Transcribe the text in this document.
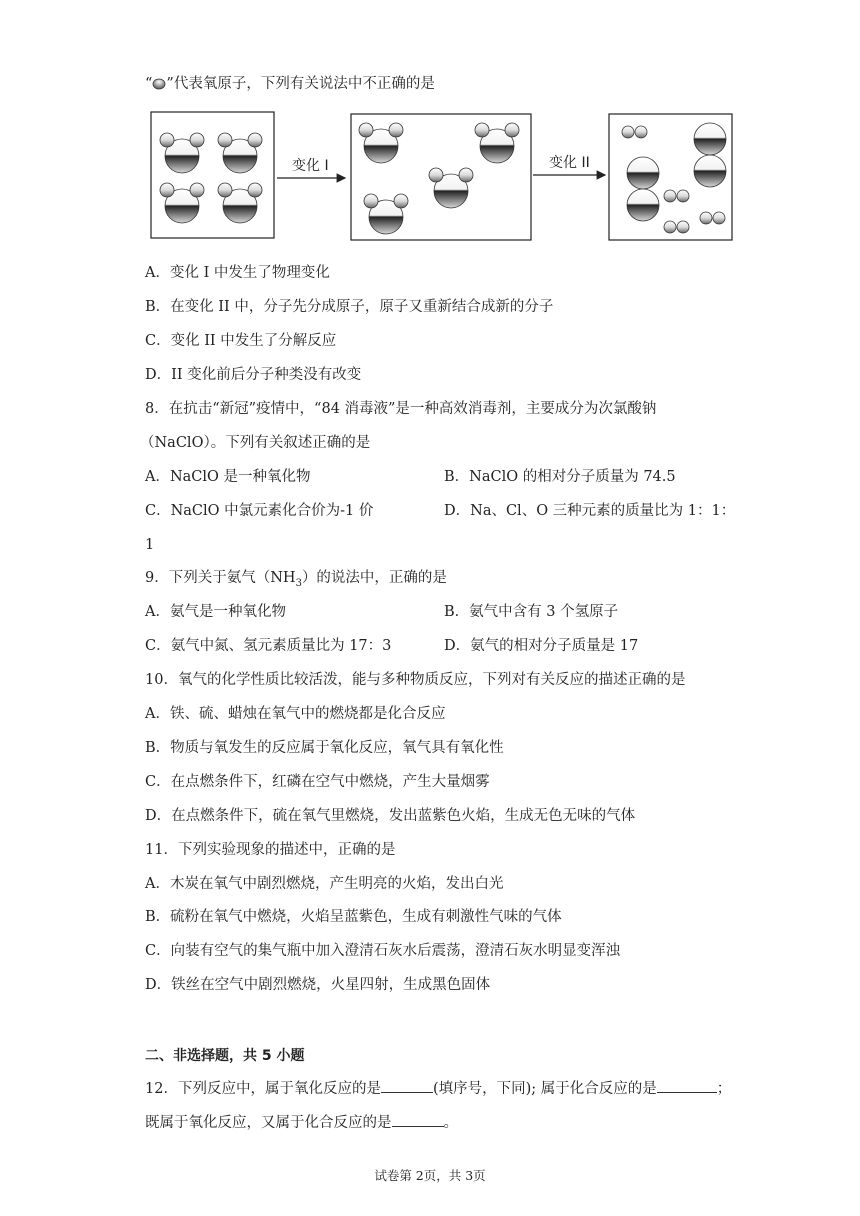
“ ”代表氧原子，下列有关说法中不正确的是
变化 I	变化 II
A．变化 I 中发生了物理变化
B．在变化 II 中，分子先分成原子，原子又重新结合成新的分子
C．变化 II 中发生了分解反应
D．II 变化前后分子种类没有改变
8．在抗击“新冠”疫情中，“84 消毒液”是一种高效消毒剂，主要成分为次氯酸钠
（NaClO）。下列有关叙述正确的是
A．NaClO 是一种氧化物	B．NaClO 的相对分子质量为 74.5
C．NaClO 中氯元素化合价为-1 价	D．Na、Cl、O 三种元素的质量比为 1：1：
1
9．下列关于氨气$(NH_3)$的说法中，正确的是
A．氨气是一种氧化物	B．氨气中含有 3 个氢原子
C．氨气中氮、氢元素质量比为 17：3	D．氨气的相对分子质量是 17
10．氧气的化学性质比较活泼，能与多种物质反应，下列对有关反应的描述正确的是
A．铁、硫、蜡烛在氧气中的燃烧都是化合反应
B．物质与氧发生的反应属于氧化反应，氧气具有氧化性
C．在点燃条件下，红磷在空气中燃烧，产生大量烟雾
D．在点燃条件下，硫在氧气里燃烧，发出蓝紫色火焰，生成无色无味的气体
11．下列实验现象的描述中，正确的是
A．木炭在氧气中剧烈燃烧，产生明亮的火焰，发出白光
B．硫粉在氧气中燃烧，火焰呈蓝紫色，生成有刺激性气味的气体
C．向装有空气的集气瓶中加入澄清石灰水后震荡，澄清石灰水明显变浑浊
D．铁丝在空气中剧烈燃烧，火星四射，生成黑色固体
二、非选择题，共 5 小题
12．下列反应中，属于氧化反应的是	(填序号，下同); 属于化合反应的是	；
既属于氧化反应，又属于化合反应的是	。
试卷第 2页，共 3页
